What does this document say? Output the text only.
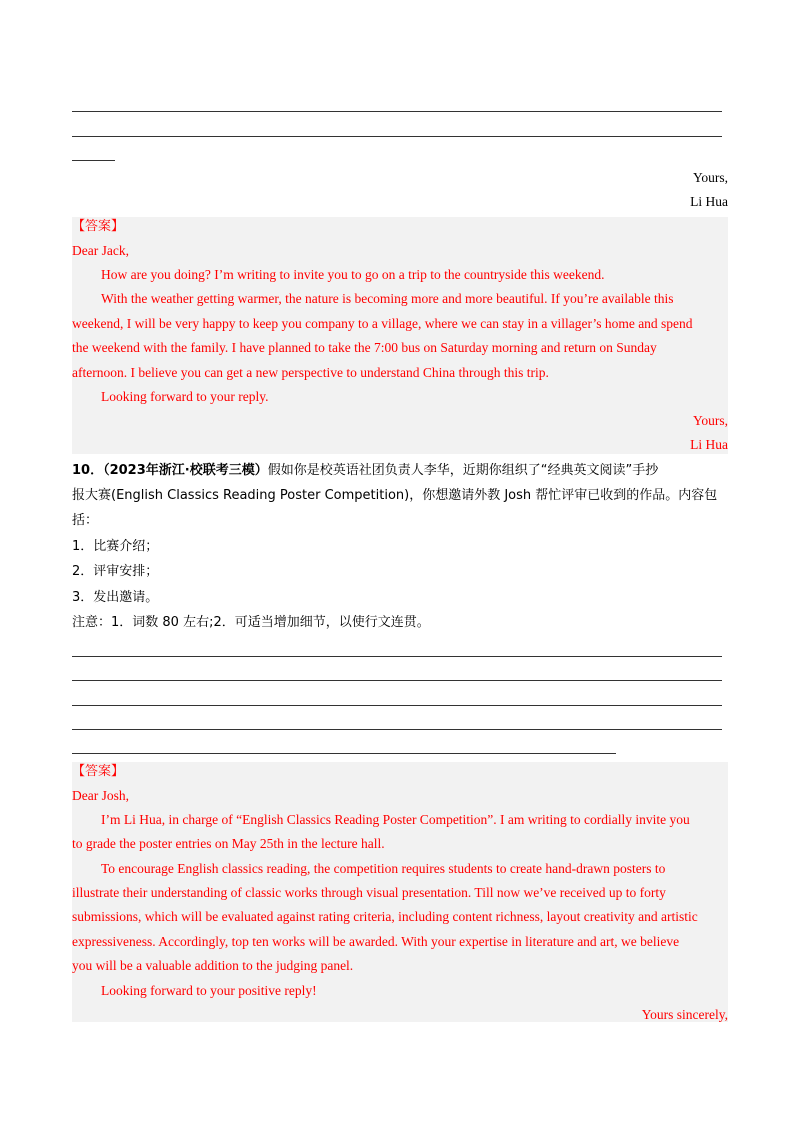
Yours,
Li Hua
【答案】
Dear Jack,
How are you doing? I’m writing to invite you to go on a trip to the countryside this weekend.
With the weather getting warmer, the nature is becoming more and more beautiful. If you’re available this
weekend, I will be very happy to keep you company to a village, where we can stay in a villager’s home and spend
the weekend with the family. I have planned to take the 7:00 bus on Saturday morning and return on Sunday
afternoon. I believe you can get a new perspective to understand China through this trip.
Looking forward to your reply.
Yours,
Li Hua
10．（2023年浙江·校联考三模）假如你是校英语社团负责人李华，近期你组织了“经典英文阅读”手抄
报大赛(English Classics Reading Poster Competition)，你想邀请外教 Josh 帮忙评审已收到的作品。内容包
括：
1．比赛介绍；
2．评审安排；
3．发出邀请。
注意：1．词数 80 左右;2．可适当增加细节，以使行文连贯。
【答案】
Dear Josh,
I’m Li Hua, in charge of “English Classics Reading Poster Competition”. I am writing to cordially invite you
to grade the poster entries on May 25th in the lecture hall.
To encourage English classics reading, the competition requires students to create hand-drawn posters to
illustrate their understanding of classic works through visual presentation. Till now we’ve received up to forty
submissions, which will be evaluated against rating criteria, including content richness, layout creativity and artistic
expressiveness. Accordingly, top ten works will be awarded. With your expertise in literature and art, we believe
you will be a valuable addition to the judging panel.
Looking forward to your positive reply!
Yours sincerely,
